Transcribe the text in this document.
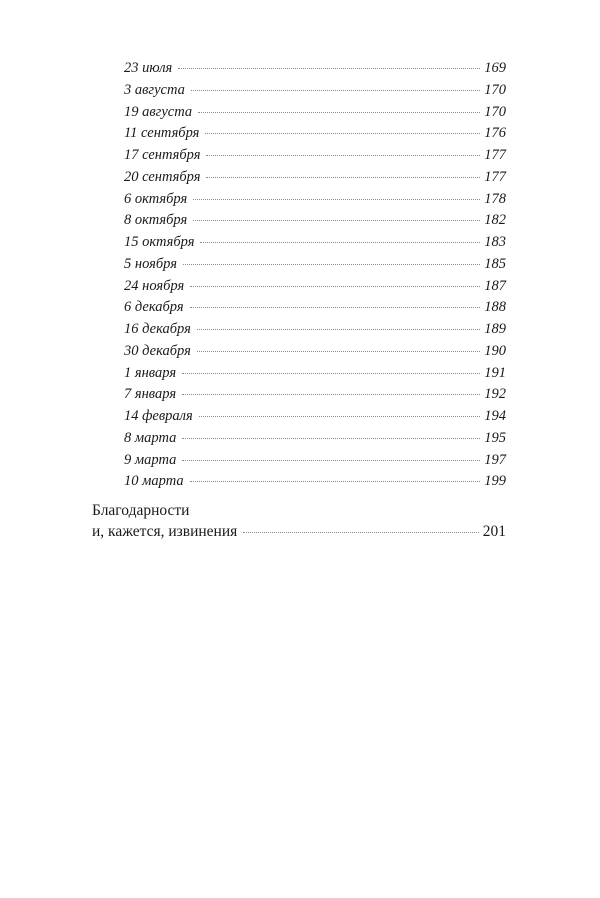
23 июля	169
3 августа	170
19 августа	170
11 сентября	176
17 сентября	177
20 сентября	177
6 октября	178
8 октября	182
15 октября	183
5 ноября	185
24 ноября	187
6 декабря	188
16 декабря	189
30 декабря	190
1 января	191
7 января	192
14 февраля	194
8 марта	195
9 марта	197
10 марта	199
Благодарности
и, кажется, извинения	201
